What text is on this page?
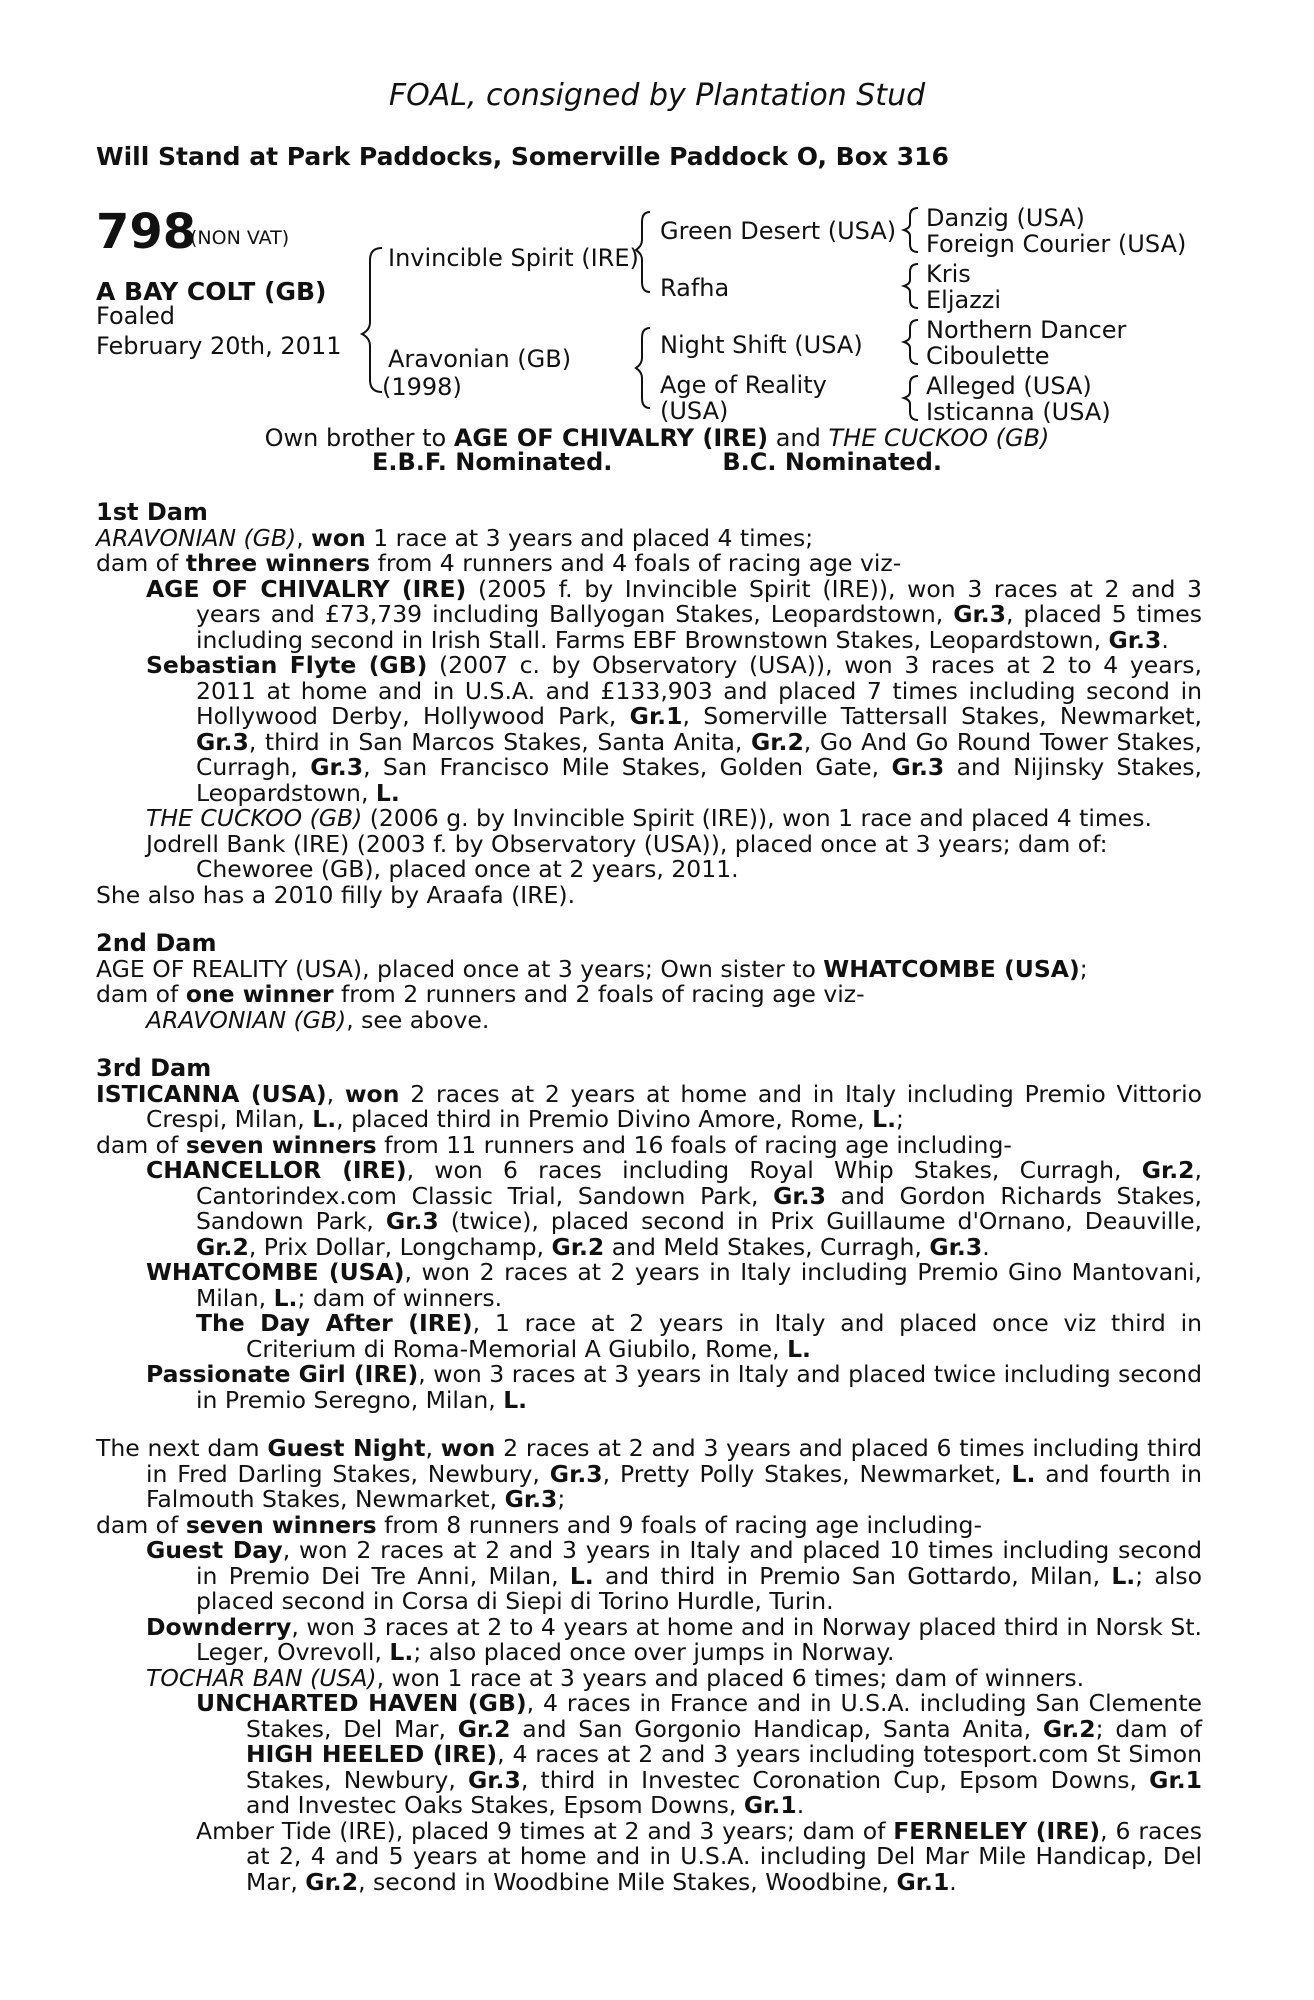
FOAL, consigned by Plantation Stud
Will Stand at Park Paddocks, Somerville Paddock O, Box 316
798
(NON VAT)
A BAY COLT (GB)
Foaled
February 20th, 2011
Invincible Spirit (IRE)
Aravonian (GB)
(1998)
Green Desert (USA)
Rafha
Night Shift (USA)
Age of Reality
(USA)
Danzig (USA)
Foreign Courier (USA)
Kris
Eljazzi
Northern Dancer
Ciboulette
Alleged (USA)
Isticanna (USA)
Own brother to AGE OF CHIVALRY (IRE) and THE CUCKOO (GB)
E.B.F. Nominated.	B.C. Nominated.

1st Dam

ARAVONIAN (GB), won 1 race at 3 years and placed 4 times;

dam of three winners from 4 runners and 4 foals of racing age viz-

AGE OF CHIVALRY (IRE) (2005 f. by Invincible Spirit (IRE)), won 3 races at 2 and 3 years and £73,739 including Ballyogan Stakes, Leopardstown, Gr.3, placed 5 times including second in Irish Stall. Farms EBF Brownstown Stakes, Leopardstown, Gr.3.

Sebastian Flyte (GB) (2007 c. by Observatory (USA)), won 3 races at 2 to 4 years, 2011 at home and in U.S.A. and £133,903 and placed 7 times including second in Hollywood Derby, Hollywood Park, Gr.1, Somerville Tattersall Stakes, Newmarket, Gr.3, third in San Marcos Stakes, Santa Anita, Gr.2, Go And Go Round Tower Stakes, Curragh, Gr.3, San Francisco Mile Stakes, Golden Gate, Gr.3 and Nijinsky Stakes, Leopardstown, L.

THE CUCKOO (GB) (2006 g. by Invincible Spirit (IRE)), won 1 race and placed 4 times.

Jodrell Bank (IRE) (2003 f. by Observatory (USA)), placed once at 3 years; dam of:

Cheworee (GB), placed once at 2 years, 2011.

She also has a 2010 filly by Araafa (IRE).

2nd Dam

AGE OF REALITY (USA), placed once at 3 years; Own sister to WHATCOMBE (USA);

dam of one winner from 2 runners and 2 foals of racing age viz-

ARAVONIAN (GB), see above.

3rd Dam

ISTICANNA (USA), won 2 races at 2 years at home and in Italy including Premio Vittorio Crespi, Milan, L., placed third in Premio Divino Amore, Rome, L.;

dam of seven winners from 11 runners and 16 foals of racing age including-

CHANCELLOR (IRE), won 6 races including Royal Whip Stakes, Curragh, Gr.2, Cantorindex.com Classic Trial, Sandown Park, Gr.3 and Gordon Richards Stakes, Sandown Park, Gr.3 (twice), placed second in Prix Guillaume d'Ornano, Deauville, Gr.2, Prix Dollar, Longchamp, Gr.2 and Meld Stakes, Curragh, Gr.3.

WHATCOMBE (USA), won 2 races at 2 years in Italy including Premio Gino Mantovani, Milan, L.; dam of winners.

The Day After (IRE), 1 race at 2 years in Italy and placed once viz third in Criterium di Roma-Memorial A Giubilo, Rome, L.

Passionate Girl (IRE), won 3 races at 3 years in Italy and placed twice including second in Premio Seregno, Milan, L.

The next dam Guest Night, won 2 races at 2 and 3 years and placed 6 times including third in Fred Darling Stakes, Newbury, Gr.3, Pretty Polly Stakes, Newmarket, L. and fourth in Falmouth Stakes, Newmarket, Gr.3;

dam of seven winners from 8 runners and 9 foals of racing age including-

Guest Day, won 2 races at 2 and 3 years in Italy and placed 10 times including second in Premio Dei Tre Anni, Milan, L. and third in Premio San Gottardo, Milan, L.; also placed second in Corsa di Siepi di Torino Hurdle, Turin.

Downderry, won 3 races at 2 to 4 years at home and in Norway placed third in Norsk St. Leger, Ovrevoll, L.; also placed once over jumps in Norway.

TOCHAR BAN (USA), won 1 race at 3 years and placed 6 times; dam of winners.

UNCHARTED HAVEN (GB), 4 races in France and in U.S.A. including San Clemente Stakes, Del Mar, Gr.2 and San Gorgonio Handicap, Santa Anita, Gr.2; dam of HIGH HEELED (IRE), 4 races at 2 and 3 years including totesport.com St Simon Stakes, Newbury, Gr.3, third in Investec Coronation Cup, Epsom Downs, Gr.1 and Investec Oaks Stakes, Epsom Downs, Gr.1.

Amber Tide (IRE), placed 9 times at 2 and 3 years; dam of FERNELEY (IRE), 6 races at 2, 4 and 5 years at home and in U.S.A. including Del Mar Mile Handicap, Del Mar, Gr.2, second in Woodbine Mile Stakes, Woodbine, Gr.1.
